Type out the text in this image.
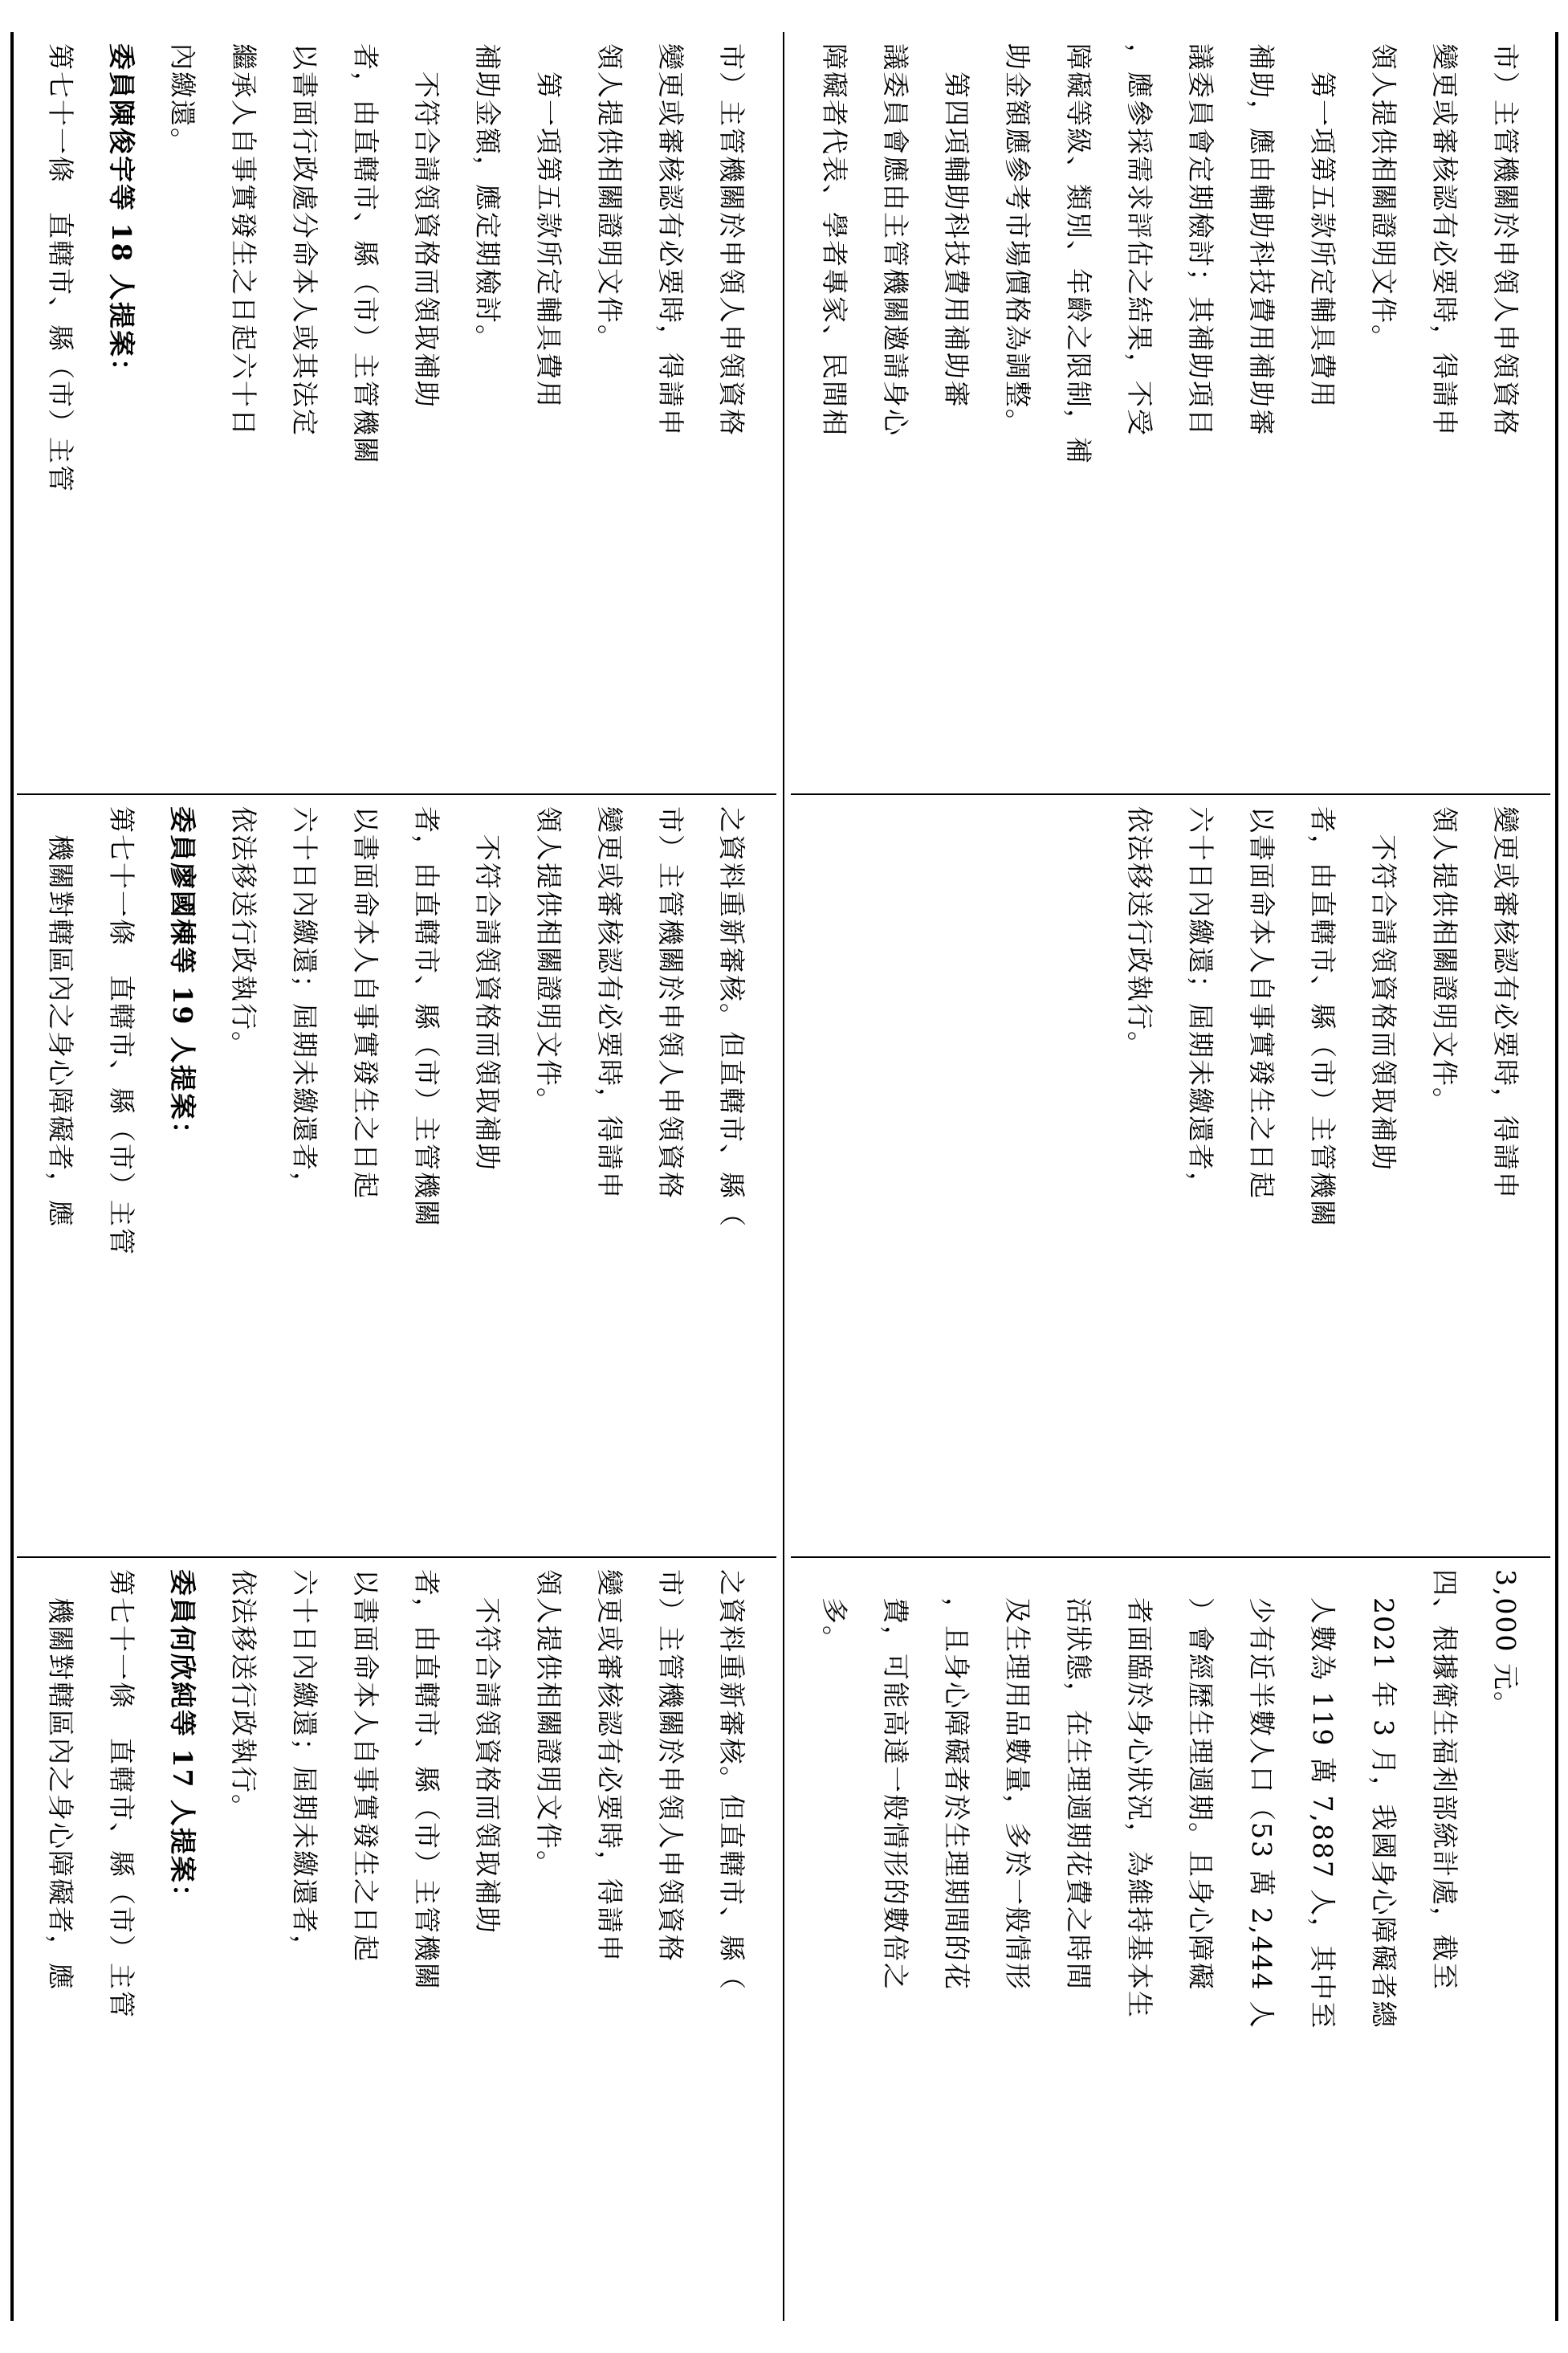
3,000 元。
四、根據衛生福利部統計處，截至
　2021 年 3 月，我國身心障礙者總
　人數為 119 萬 7,887 人，其中至
　少有近半數人口（53 萬 2,444 人
　）會經歷生理週期。且身心障礙
　者面臨於身心狀況，為維持基本生
　活狀態，在生理週期花費之時間
　及生理用品數量，多於一般情形
　，且身心障礙者於生理期間的花
　費，可能高達一般情形的數倍之
　多。
變更或審核認有必要時，得請申
領人提供相關證明文件。
　不符合請領資格而領取補助
者，由直轄市、縣（市）主管機關
以書面命本人自事實發生之日起
六十日內繳還；屆期未繳還者，
依法移送行政執行。
市）主管機關於申領人申領資格
變更或審核認有必要時，得請申
領人提供相關證明文件。
　第一項第五款所定輔具費用
補助，應由輔助科技費用補助審
議委員會定期檢討；其補助項目
，應參採需求評估之結果，不受
障礙等級、類別、年齡之限制，補
助金額應參考市場價格為調整。
　第四項輔助科技費用補助審
議委員會應由主管機關邀請身心
障礙者代表、學者專家、民間相
之資料重新審核。但直轄市、縣（
市）主管機關於申領人申領資格
變更或審核認有必要時，得請申
領人提供相關證明文件。
　不符合請領資格而領取補助
者，由直轄市、縣（市）主管機關
以書面命本人自事實發生之日起
六十日內繳還；屆期未繳還者，
依法移送行政執行。
委員何欣純等 17 人提案：
第七十一條　直轄市、縣（市）主管
　機關對轄區內之身心障礙者，應
之資料重新審核。但直轄市、縣（
市）主管機關於申領人申領資格
變更或審核認有必要時，得請申
領人提供相關證明文件。
　不符合請領資格而領取補助
者，由直轄市、縣（市）主管機關
以書面命本人自事實發生之日起
六十日內繳還；屆期未繳還者，
依法移送行政執行。
委員廖國棟等 19 人提案：
第七十一條　直轄市、縣（市）主管
　機關對轄區內之身心障礙者，應
市）主管機關於申領人申領資格
變更或審核認有必要時，得請申
領人提供相關證明文件。
　第一項第五款所定輔具費用
補助金額，應定期檢討。
　不符合請領資格而領取補助
者，由直轄市、縣（市）主管機關
以書面行政處分命本人或其法定
繼承人自事實發生之日起六十日
內繳還。
委員陳俊宇等 18 人提案：
第七十一條　直轄市、縣（市）主管
